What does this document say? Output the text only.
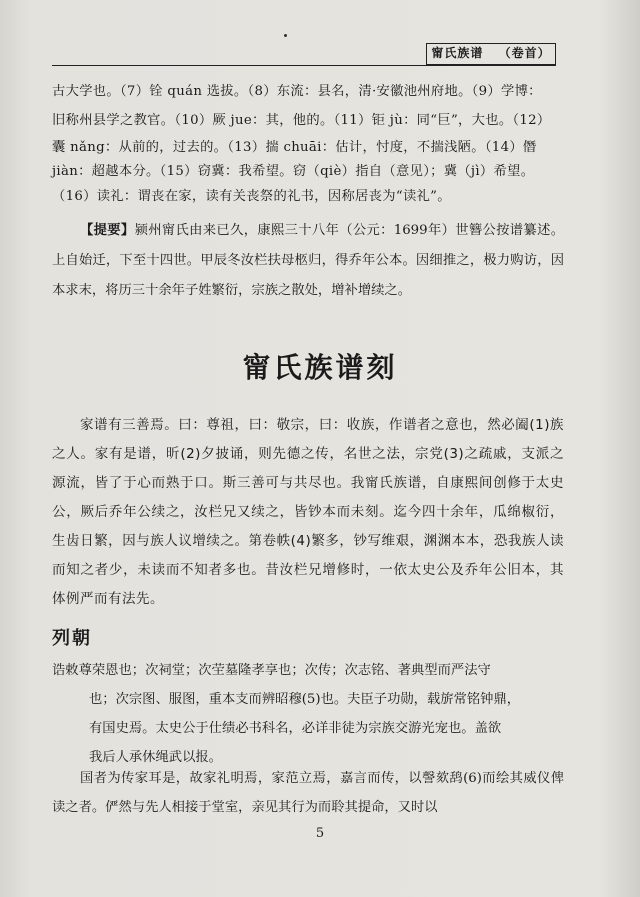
甯氏族谱 （卷首）
古大学也。（7）铨 quán 选拔。（8）东流：县名，清·安徽池州府地。（9）学博：
旧称州县学之教官。（10）厥 jue：其，他的。（11）钜 jù：同“巨”，大也。（12）
囊 nǎng：从前的，过去的。（13）揣 chuāi：估计，忖度，不揣浅陋。（14）僭
jiàn：超越本分。（15）窃冀：我希望。窃（qiè）指自（意见）；冀（jì）希望。
（16）读礼：谓丧在家，读有关丧祭的礼书，因称居丧为“读礼”。
【提要】颍州甯氏由来已久，康熙三十八年（公元：1699年）世簪公按谱纂述。上自始迁，下至十四世。甲辰冬汝栏扶母柩归，得乔年公本。因细推之，极力购访，因本求末，将历三十余年子姓繁衍，宗族之散处，增补增续之。
甯氏族谱刻
家谱有三善焉。曰：尊祖，曰：敬宗，曰：收族，作谱者之意也，然必阖(1)族之人。家有是谱，昕(2)夕披诵，则先德之传，名世之法，宗党(3)之疏戚，支派之源流，皆了于心而熟于口。斯三善可与共尽也。我甯氏族谱，自康熙间创修于太史公，厥后乔年公续之，汝栏兄又续之，皆钞本而未刻。迄今四十余年，瓜绵椒衍，生齿日繁，因与族人议增续之。第卷帙(4)繁多，钞写维艰，渊渊本本，恐我族人读而知之者少，未读而不知者多也。昔汝栏兄增修时，一依太史公及乔年公旧本，其体例严而有法先。
列朝
诰敕尊荣恩也；次祠堂；次茔墓隆孝享也；次传；次志铭、著典型而严法守
也；次宗图、服图，重本支而辨昭穆(5)也。夫臣子功勋，载旂常铭钟鼎，
有国史焉。太史公于仕绩必书科名，必详非徒为宗族交游光宠也。盖欲
我后人承休绳武以报。
国者为传家耳是，故家礼明焉，家范立焉，嘉言而传，以謦欬鸹(6)而绘其威仪俾读之者。俨然与先人相接于堂室，亲见其行为而聆其提命，又时以
5
